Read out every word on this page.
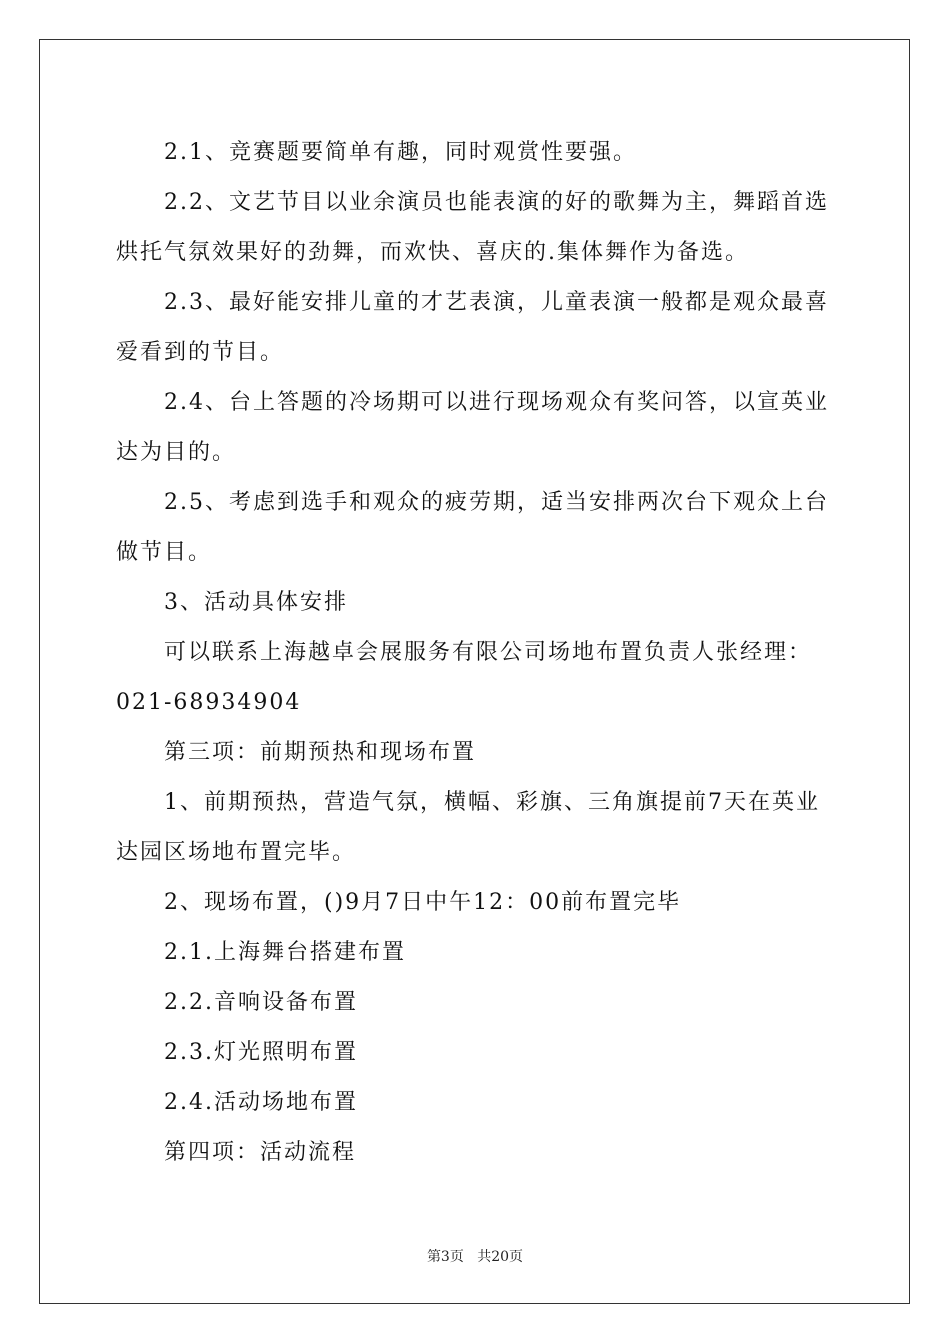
2.1、竞赛题要简单有趣，同时观赏性要强。
2.2、文艺节目以业余演员也能表演的好的歌舞为主，舞蹈首选
烘托气氛效果好的劲舞，而欢快、喜庆的.集体舞作为备选。
2.3、最好能安排儿童的才艺表演，儿童表演一般都是观众最喜
爱看到的节目。
2.4、台上答题的冷场期可以进行现场观众有奖问答，以宣英业
达为目的。
2.5、考虑到选手和观众的疲劳期，适当安排两次台下观众上台
做节目。
3、活动具体安排
可以联系上海越卓会展服务有限公司场地布置负责人张经理：
021-68934904
第三项：前期预热和现场布置
1、前期预热，营造气氛，横幅、彩旗、三角旗提前7天在英业
达园区场地布置完毕。
2、现场布置，()9月7日中午12：00前布置完毕
2.1.上海舞台搭建布置
2.2.音响设备布置
2.3.灯光照明布置
2.4.活动场地布置
第四项：活动流程
第3页 共20页
